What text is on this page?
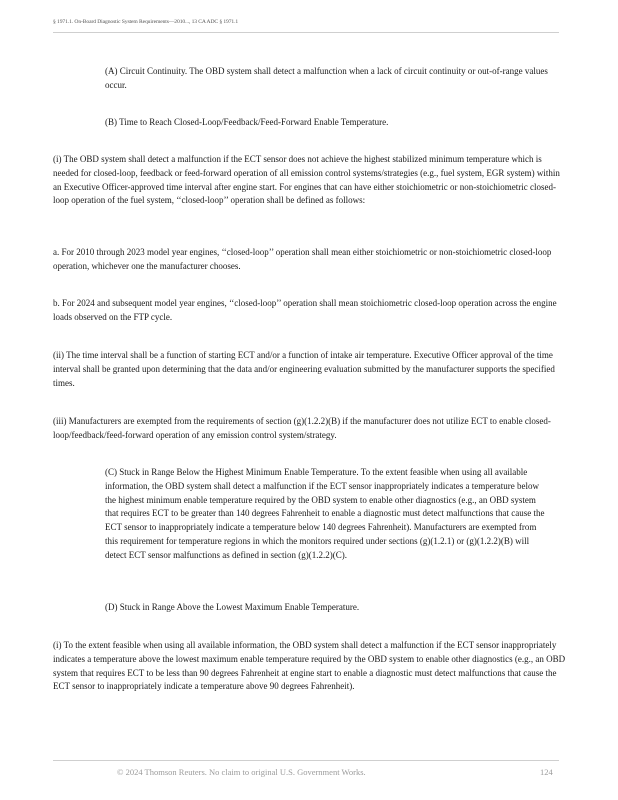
§ 1971.1. On-Board Diagnostic System Requirements—2010..., 13 CA ADC § 1971.1

(A) Circuit Continuity. The OBD system shall detect a malfunction when a lack of circuit continuity or out-of-range values occur.

(B) Time to Reach Closed-Loop/Feedback/Feed-Forward Enable Temperature.

(i) The OBD system shall detect a malfunction if the ECT sensor does not achieve the highest stabilized minimum temperature which is needed for closed-loop, feedback or feed-forward operation of all emission control systems/strategies (e.g., fuel system, EGR system) within an Executive Officer-approved time interval after engine start. For engines that can have either stoichiometric or non-stoichiometric closed-loop operation of the fuel system, ‘‘closed-loop’’ operation shall be defined as follows:

a. For 2010 through 2023 model year engines, ‘‘closed-loop’’ operation shall mean either stoichiometric or non-stoichiometric closed-loop operation, whichever one the manufacturer chooses.

b. For 2024 and subsequent model year engines, ‘‘closed-loop’’ operation shall mean stoichiometric closed-loop operation across the engine loads observed on the FTP cycle.

(ii) The time interval shall be a function of starting ECT and/or a function of intake air temperature. Executive Officer approval of the time interval shall be granted upon determining that the data and/or engineering evaluation submitted by the manufacturer supports the specified times.

(iii) Manufacturers are exempted from the requirements of section (g)(1.2.2)(B) if the manufacturer does not utilize ECT to enable closed-loop/feedback/feed-forward operation of any emission control system/strategy.

(C) Stuck in Range Below the Highest Minimum Enable Temperature. To the extent feasible when using all available information, the OBD system shall detect a malfunction if the ECT sensor inappropriately indicates a temperature below the highest minimum enable temperature required by the OBD system to enable other diagnostics (e.g., an OBD system that requires ECT to be greater than 140 degrees Fahrenheit to enable a diagnostic must detect malfunctions that cause the ECT sensor to inappropriately indicate a temperature below 140 degrees Fahrenheit). Manufacturers are exempted from this requirement for temperature regions in which the monitors required under sections (g)(1.2.1) or (g)(1.2.2)(B) will detect ECT sensor malfunctions as defined in section (g)(1.2.2)(C).

(D) Stuck in Range Above the Lowest Maximum Enable Temperature.

(i) To the extent feasible when using all available information, the OBD system shall detect a malfunction if the ECT sensor inappropriately indicates a temperature above the lowest maximum enable temperature required by the OBD system to enable other diagnostics (e.g., an OBD system that requires ECT to be less than 90 degrees Fahrenheit at engine start to enable a diagnostic must detect malfunctions that cause the ECT sensor to inappropriately indicate a temperature above 90 degrees Fahrenheit).

© 2024 Thomson Reuters. No claim to original U.S. Government Works.	124
